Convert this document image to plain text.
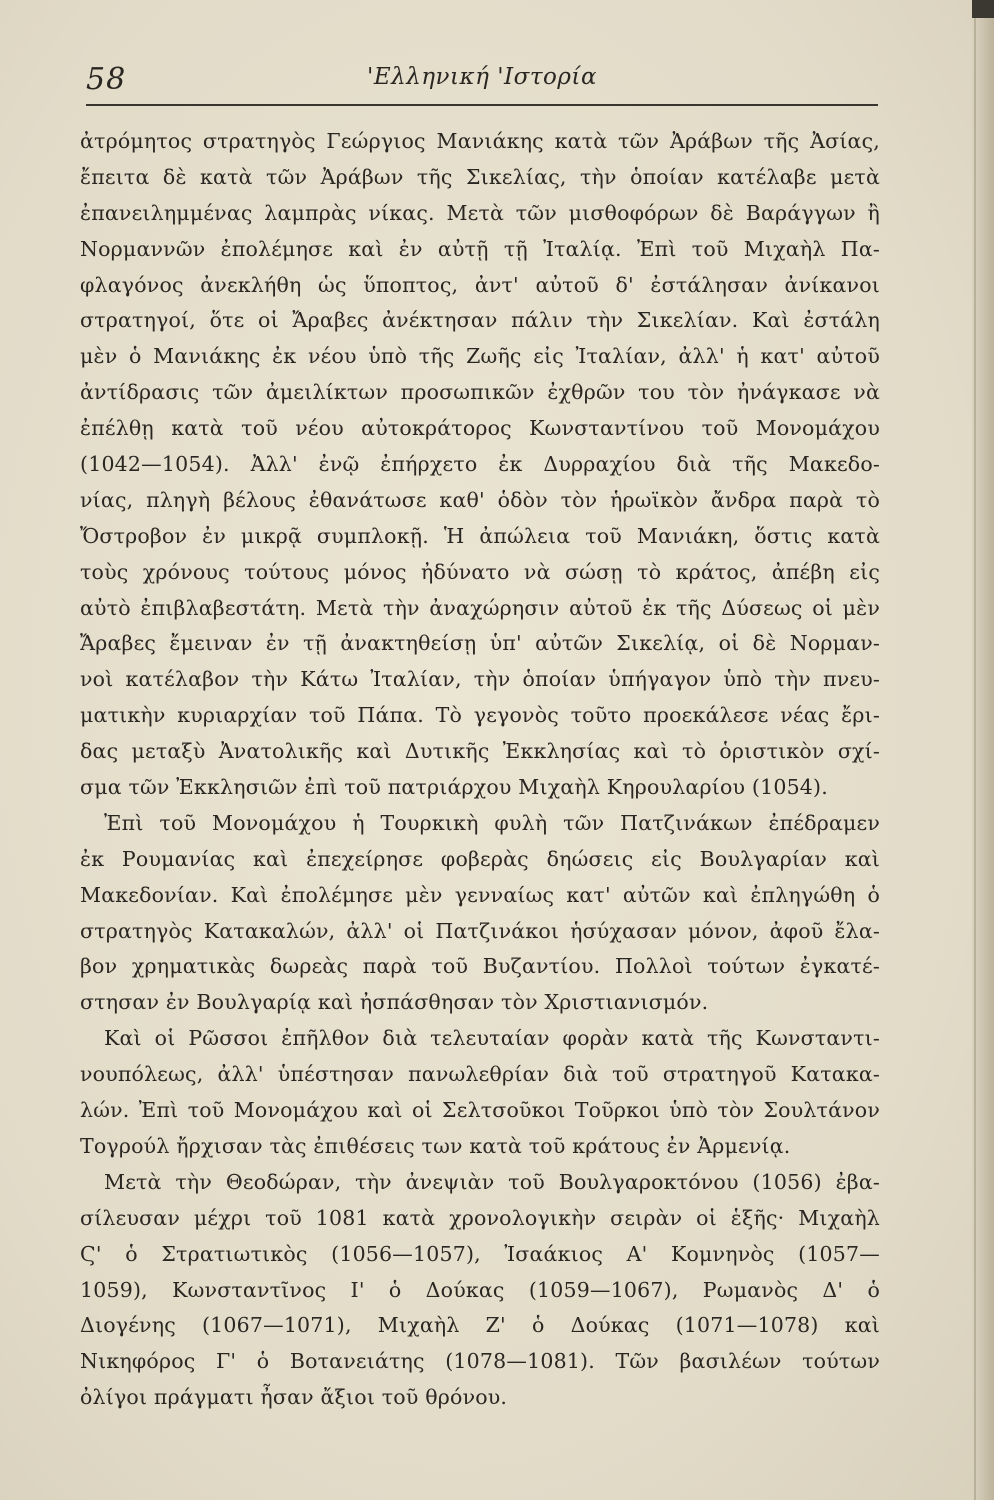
58	'Ελληνική 'Ιστορία
ἀτρόμητος στρατηγὸς Γεώργιος Μανιάκης κατὰ τῶν Ἀράβων τῆς Ἀσίας,
ἔπειτα δὲ κατὰ τῶν Ἀράβων τῆς Σικελίας, τὴν ὁποίαν κατέλαβε μετὰ
ἐπανειλημμένας λαμπρὰς νίκας. Μετὰ τῶν μισθοφόρων δὲ Βαράγγων ἢ
Νορμαννῶν ἐπολέμησε καὶ ἐν αὐτῇ τῇ Ἰταλίᾳ. Ἐπὶ τοῦ Μιχαὴλ Πα-
φλαγόνος ἀνεκλήθη ὡς ὕποπτος, ἀντ' αὐτοῦ δ' ἐστάλησαν ἀνίκανοι
στρατηγοί, ὅτε οἱ Ἄραβες ἀνέκτησαν πάλιν τὴν Σικελίαν. Καὶ ἐστάλη
μὲν ὁ Μανιάκης ἐκ νέου ὑπὸ τῆς Ζωῆς εἰς Ἰταλίαν, ἀλλ' ἡ κατ' αὐτοῦ
ἀντίδρασις τῶν ἀμειλίκτων προσωπικῶν ἐχθρῶν του τὸν ἠνάγκασε νὰ
ἐπέλθῃ κατὰ τοῦ νέου αὐτοκράτορος Κωνσταντίνου τοῦ Μονομάχου
(1042—1054). Ἀλλ' ἐνῷ ἐπήρχετο ἐκ Δυρραχίου διὰ τῆς Μακεδο-
νίας, πληγὴ βέλους ἐθανάτωσε καθ' ὁδὸν τὸν ἡρωϊκὸν ἄνδρα παρὰ τὸ
Ὄστροβον ἐν μικρᾷ συμπλοκῇ. Ἡ ἀπώλεια τοῦ Μανιάκη, ὅστις κατὰ
τοὺς χρόνους τούτους μόνος ἠδύνατο νὰ σώσῃ τὸ κράτος, ἀπέβη εἰς
αὐτὸ ἐπιβλαβεστάτη. Μετὰ τὴν ἀναχώρησιν αὐτοῦ ἐκ τῆς Δύσεως οἱ μὲν
Ἄραβες ἔμειναν ἐν τῇ ἀνακτηθείσῃ ὑπ' αὐτῶν Σικελίᾳ, οἱ δὲ Νορμαν-
νοὶ κατέλαβον τὴν Κάτω Ἰταλίαν, τὴν ὁποίαν ὑπήγαγον ὑπὸ τὴν πνευ-
ματικὴν κυριαρχίαν τοῦ Πάπα. Τὸ γεγονὸς τοῦτο προεκάλεσε νέας ἔρι-
δας μεταξὺ Ἀνατολικῆς καὶ Δυτικῆς Ἐκκλησίας καὶ τὸ ὁριστικὸν σχί-
σμα τῶν Ἐκκλησιῶν ἐπὶ τοῦ πατριάρχου Μιχαὴλ Κηρουλαρίου (1054).
Ἐπὶ τοῦ Μονομάχου ἡ Τουρκικὴ φυλὴ τῶν Πατζινάκων ἐπέδραμεν
ἐκ Ρουμανίας καὶ ἐπεχείρησε φοβερὰς δηώσεις εἰς Βουλγαρίαν καὶ
Μακεδονίαν. Καὶ ἐπολέμησε μὲν γενναίως κατ' αὐτῶν καὶ ἐπληγώθη ὁ
στρατηγὸς Κατακαλών, ἀλλ' οἱ Πατζινάκοι ἡσύχασαν μόνον, ἀφοῦ ἔλα-
βον χρηματικὰς δωρεὰς παρὰ τοῦ Βυζαντίου. Πολλοὶ τούτων ἐγκατέ-
στησαν ἐν Βουλγαρίᾳ καὶ ἠσπάσθησαν τὸν Χριστιανισμόν.
Καὶ οἱ Ρῶσσοι ἐπῆλθον διὰ τελευταίαν φορὰν κατὰ τῆς Κωνσταντι-
νουπόλεως, ἀλλ' ὑπέστησαν πανωλεθρίαν διὰ τοῦ στρατηγοῦ Κατακα-
λών. Ἐπὶ τοῦ Μονομάχου καὶ οἱ Σελτσοῦκοι Τοῦρκοι ὑπὸ τὸν Σουλτάνον
Τογρούλ ἤρχισαν τὰς ἐπιθέσεις των κατὰ τοῦ κράτους ἐν Ἀρμενίᾳ.
Μετὰ τὴν Θεοδώραν, τὴν ἀνεψιὰν τοῦ Βουλγαροκτόνου (1056) ἐβα-
σίλευσαν μέχρι τοῦ 1081 κατὰ χρονολογικὴν σειρὰν οἱ ἑξῆς· Μιχαὴλ
Ϛ' ὁ Στρατιωτικὸς (1056—1057), Ἰσαάκιος Α' Κομνηνὸς (1057—
1059), Κωνσταντῖνος Ι' ὁ Δούκας (1059—1067), Ρωμανὸς Δ' ὁ
Διογένης (1067—1071), Μιχαὴλ Ζ' ὁ Δούκας (1071—1078) καὶ
Νικηφόρος Γ' ὁ Βοτανειάτης (1078—1081). Τῶν βασιλέων τούτων
ὀλίγοι πράγματι ἦσαν ἄξιοι τοῦ θρόνου.
